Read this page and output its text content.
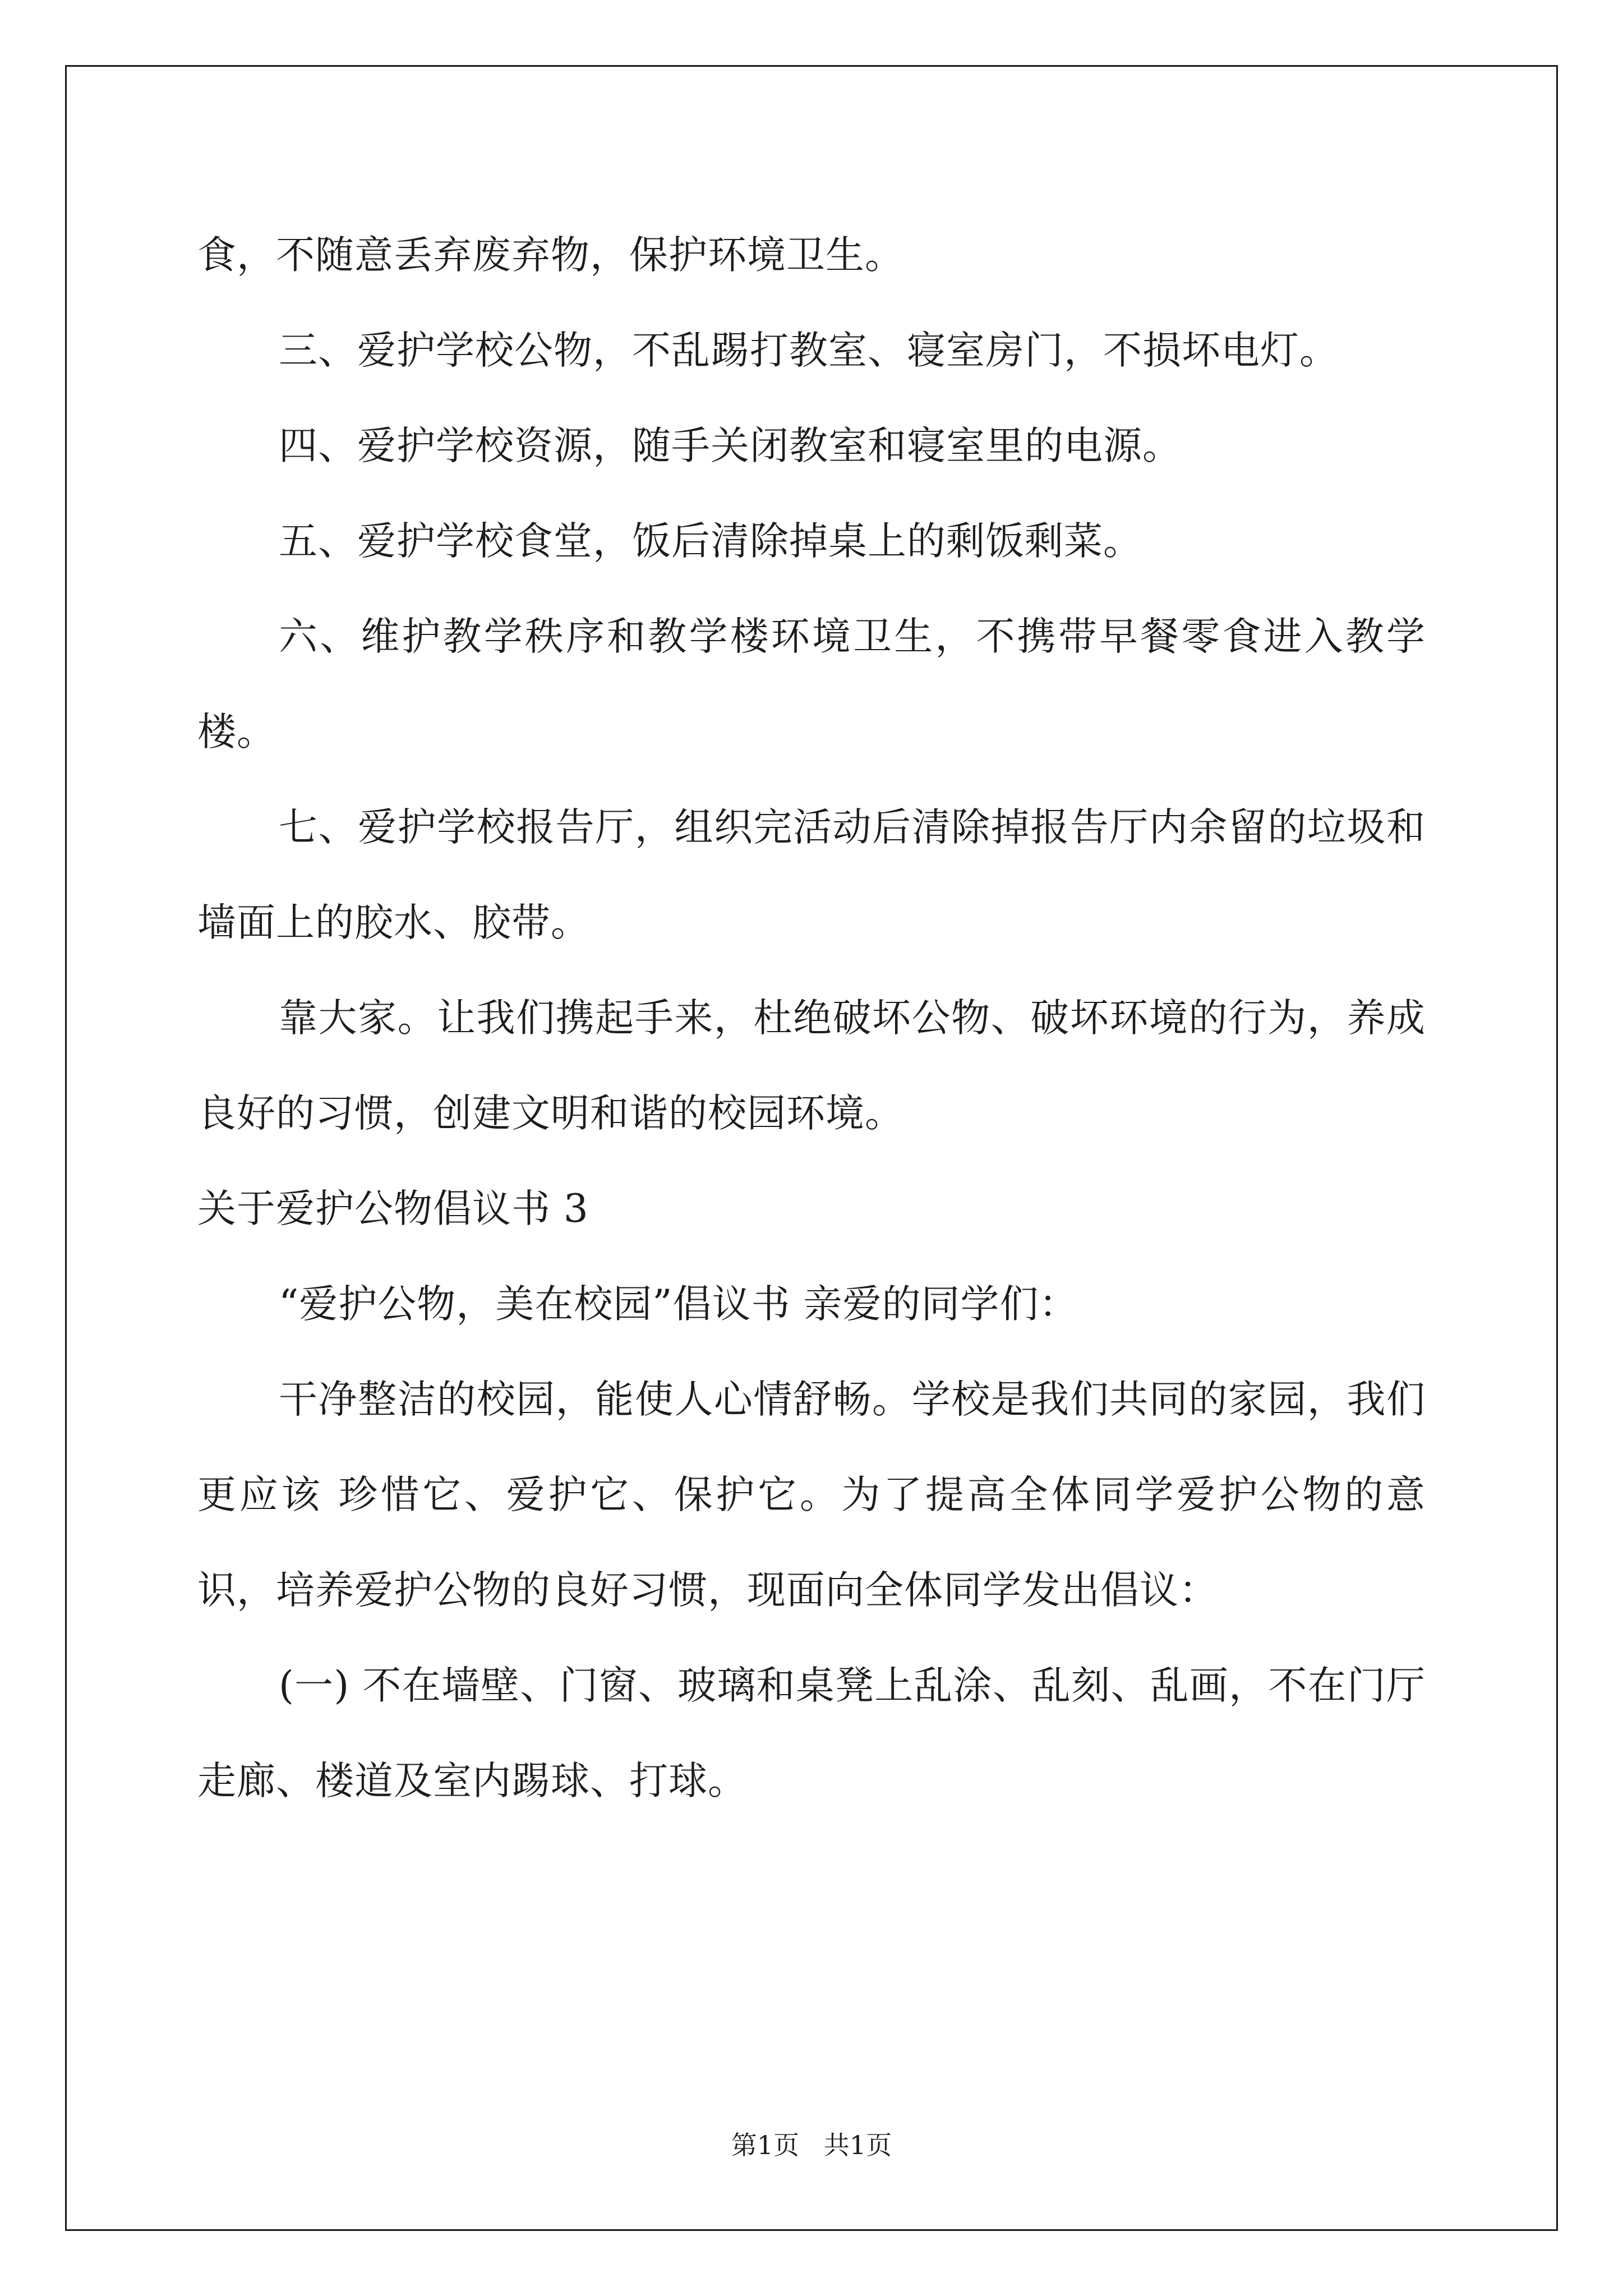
食，不随意丢弃废弃物，保护环境卫生。

三、爱护学校公物，不乱踢打教室、寝室房门，不损坏电灯。

四、爱护学校资源，随手关闭教室和寝室里的电源。

五、爱护学校食堂，饭后清除掉桌上的剩饭剩菜。

六、维护教学秩序和教学楼环境卫生，不携带早餐零食进入教学楼。

七、爱护学校报告厅，组织完活动后清除掉报告厅内余留的垃圾和墙面上的胶水、胶带。

靠大家。让我们携起手来，杜绝破坏公物、破坏环境的行为，养成良好的习惯，创建文明和谐的校园环境。

关于爱护公物倡议书 3

“爱护公物，美在校园”倡议书 亲爱的同学们：

干净整洁的校园，能使人心情舒畅。学校是我们共同的家园，我们更应该 珍惜它、爱护它、保护它。为了提高全体同学爱护公物的意识，培养爱护公物的良好习惯，现面向全体同学发出倡议：

(一) 不在墙壁、门窗、玻璃和桌凳上乱涂、乱刻、乱画，不在门厅走廊、楼道及室内踢球、打球。

第1页   共1页
